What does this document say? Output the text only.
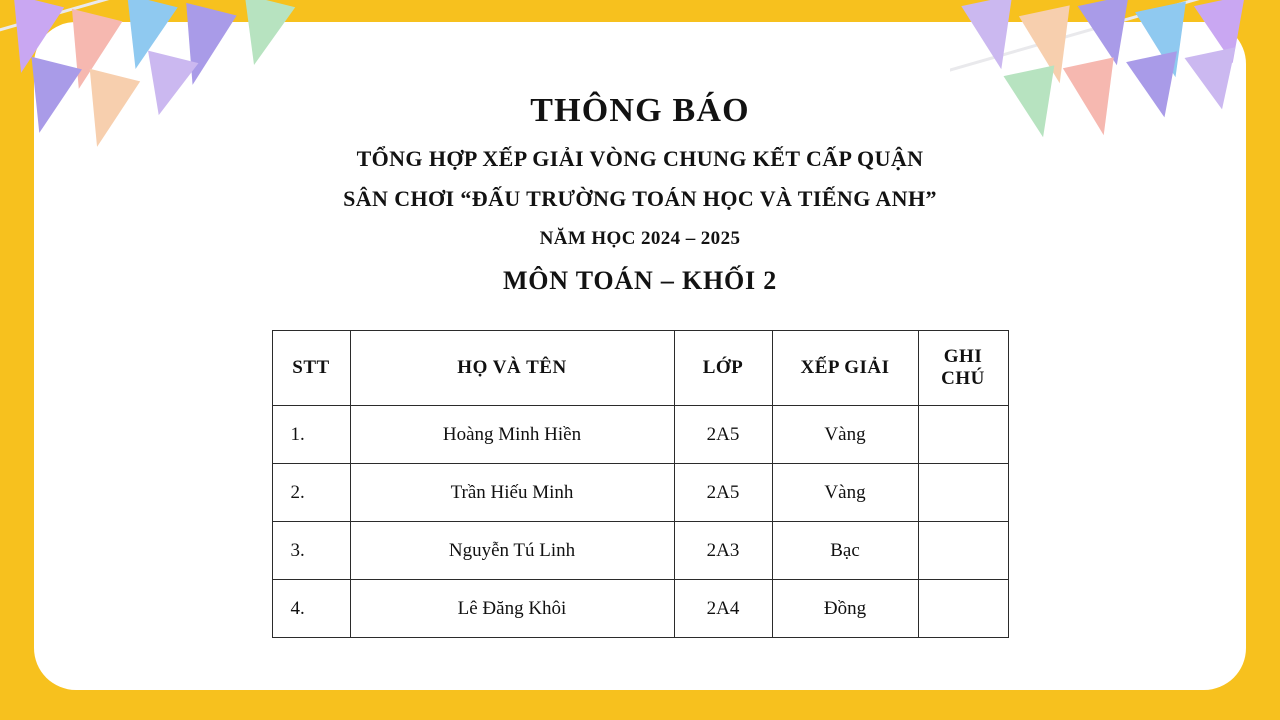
THÔNG BÁO
TỔNG HỢP XẾP GIẢI VÒNG CHUNG KẾT CẤP QUẬN
SÂN CHƠI “ĐẤU TRƯỜNG TOÁN HỌC VÀ TIẾNG ANH”
NĂM HỌC 2024 – 2025
MÔN TOÁN – KHỐI 2
STT	HỌ VÀ TÊN	LỚP	XẾP GIẢI	GHI
CHÚ

1.	Hoàng Minh Hiền	2A5	Vàng	
2.	Trần Hiếu Minh	2A5	Vàng	
3.	Nguyễn Tú Linh	2A3	Bạc	
4.	Lê Đăng Khôi	2A4	Đồng	
